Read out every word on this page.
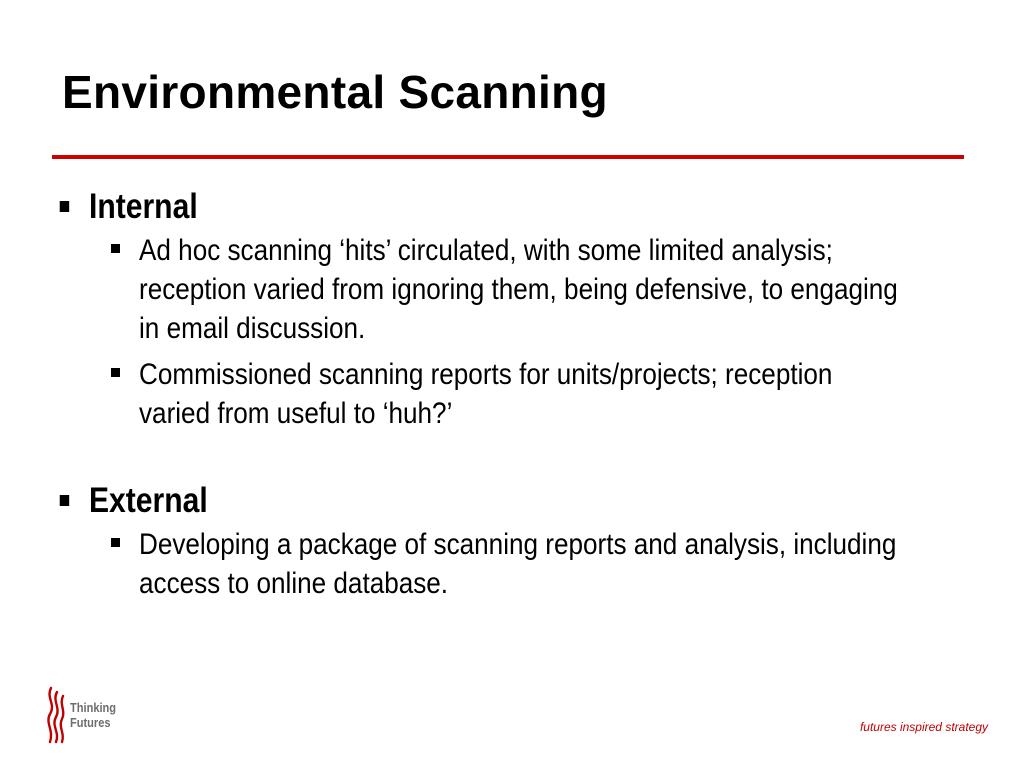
Environmental Scanning
Internal
Ad hoc scanning ‘hits’ circulated, with some limited analysis; reception varied from ignoring them, being defensive, to engaging in email discussion.
Commissioned scanning reports for units/projects; reception varied from useful to ‘huh?’
External
Developing a package of scanning reports and analysis, including access to online database.
Thinking
Futures	futures inspired strategy
